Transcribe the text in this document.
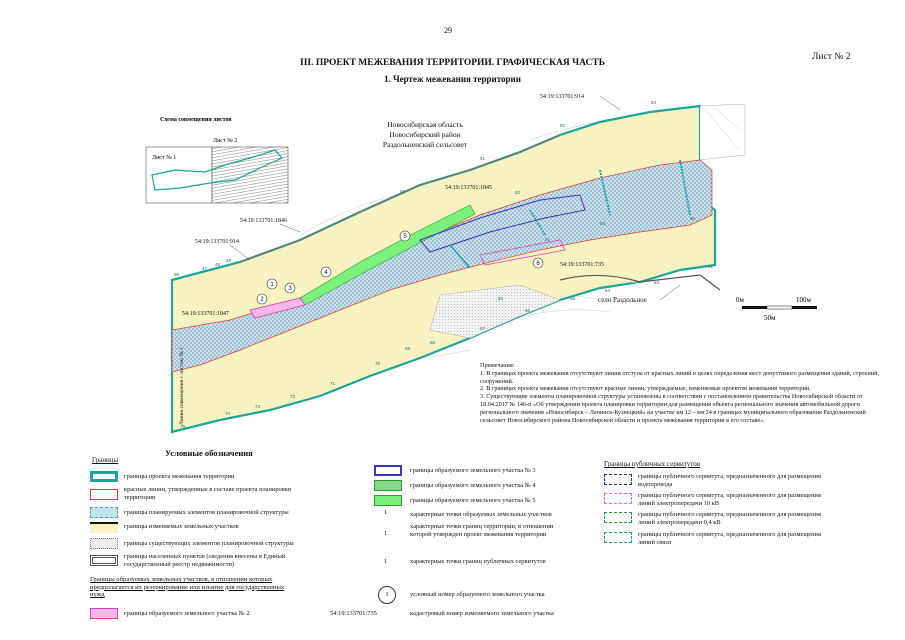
29
III. ПРОЕКТ МЕЖЕВАНИЯ ТЕРРИТОРИИ. ГРАФИЧЕСКАЯ ЧАСТЬ
1. Чертеж межевания территории
Лист № 2
1
2
3
4
5
6
96
47
48
49
50
51
52
53
60
61
63
64
65
66
67
68
69
70
71
72
73
74
75
80
81
82
83
Новосибирская область
Новосибирский район
Раздольненский сельсовет
54:19:133701:914
54:19:133701:1846
54:19:133701:914
54:19:133701:1845
54:19:133701:1847
54:19:133701:735
село Раздольное
Линия совмещения с листом № 1
Схема совмещения листов
Лист № 2
Лист № 1
0м	100м
50м

Примечания:

1. В границах проекта межевания отсутствуют линии отступа от красных линий в целях определения мест допустимого размещения зданий, строений, сооружений.

2. В границах проекта межевания отсутствуют красные линии, утверждаемые, изменяемые проектом межевания территории.

3. Существующие элементы планировочной структуры установлены в соответствии с постановлением правительства Новосибирской области от 18.04.2017 № 146-п «Об утверждении проекта планировки территории для размещения объекта регионального значения автомобильной дороги регионального значения «Новосибирск – Ленинск-Кузнецкий» на участке км 12 – км 24 в границах муниципального образования Раздольненский сельсовет Новосибирского района Новосибирской области и проекта межевания территории в его составе».

Условные обозначения
Границы
границы проекта межевания территории
красные линии, утвержденные в составе проекта планировки территории
границы планируемых элементов планировочной структуры
границы изменяемых земельных участков
границы существующих элементов планировочной структуры
границы населенных пунктов (сведения внесены в Единый государственный реестр недвижимости)
Границы образуемых земельных участков, в отношении которых предполагается их резервирование или изъятие для государственных нужд
границы образуемого земельного участка № 2
границы образуемого земельного участка № 3
границы образуемого земельного участка № 4
границы образуемого земельного участка № 5
1	характерные точки образуемых земельных участков
1
характерные точки границ территории, в отношении которой утвержден проект межевания территории
1	характерные точки границ публичных сервитутов
1	условный номер образуемого земельного участка
54:19:133701:735	кадастровый номер изменяемого земельного участка
Границы публичных сервитутов
границы публичного сервитута, предназначенного для размещения водопровода
границы публичного сервитута, предназначенного для размещения линий электропередачи 10 кВ
границы публичного сервитута, предназначенного для размещения линий электропередачи 0,4 кВ
границы публичного сервитута, предназначенного для размещения линий связи
